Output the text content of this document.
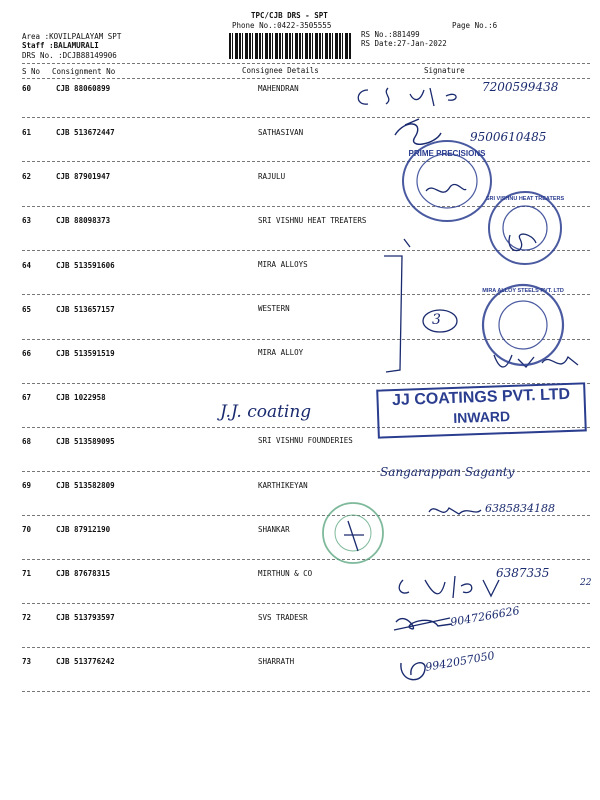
TPC/CJB DRS - SPT
Phone No.:0422-3505555	Page No.:6
Area :KOVILPALAYAM SPT
Staff :BALAMURALI
DRS No. :DCJB88149906
RS No.:881499
RS Date:27-Jan-2022
S No Consignment No	Consignee Details	Signature
60	CJB 88060899	MAHENDRAN
61	CJB 513672447	SATHASIVAN
62	CJB 87901947	RAJULU
63	CJB 88098373	SRI VISHNU HEAT TREATERS
64	CJB 513591606	MIRA ALLOYS
65	CJB 513657157	WESTERN
66	CJB 513591519	MIRA ALLOY
67	CJB 1022958
68	CJB 513589095	SRI VISHNU FOUNDERIES
69	CJB 513582809	KARTHIKEYAN
70	CJB 87912190	SHANKAR
71	CJB 87678315	MIRTHUN & CO
72	CJB 513793597	SVS TRADESR
73	CJB 513776242	SHARRATH
7200599438
9500610485
3
J.J. coating
Sangarappan Saganty
6385834188
6387335
22
9047266626
9942057050
PRIME PRECISIONS
SRI VISHNU HEAT TREATERS
MIRA ALLOY STEELS PVT. LTD
JJ COATINGS PVT. LTD
INWARD
